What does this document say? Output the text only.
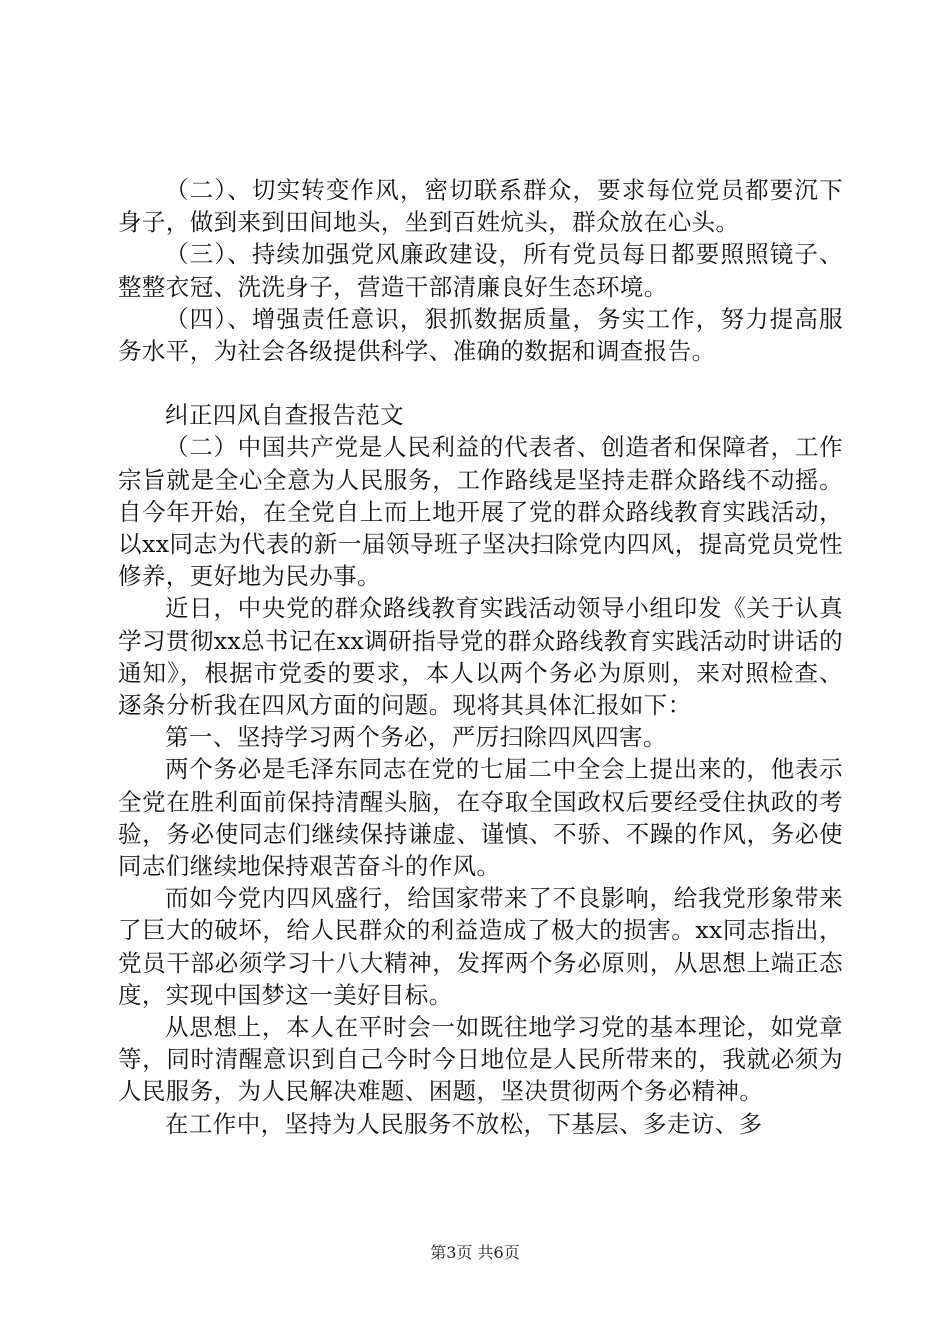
（二）、切实转变作风，密切联系群众，要求每位党员都要沉下身子，做到来到田间地头，坐到百姓炕头，群众放在心头。

（三）、持续加强党风廉政建设，所有党员每日都要照照镜子、整整衣冠、洗洗身子，营造干部清廉良好生态环境。

（四）、增强责任意识，狠抓数据质量，务实工作，努力提高服务水平，为社会各级提供科学、准确的数据和调查报告。

纠正四风自查报告范文

（二）中国共产党是人民利益的代表者、创造者和保障者，工作宗旨就是全心全意为人民服务，工作路线是坚持走群众路线不动摇。自今年开始，在全党自上而上地开展了党的群众路线教育实践活动，以xx同志为代表的新一届领导班子坚决扫除党内四风，提高党员党性修养，更好地为民办事。

近日，中央党的群众路线教育实践活动领导小组印发《关于认真学习贯彻xx总书记在xx调研指导党的群众路线教育实践活动时讲话的通知》，根据市党委的要求，本人以两个务必为原则，来对照检查、逐条分析我在四风方面的问题。现将其具体汇报如下：

第一、坚持学习两个务必，严厉扫除四风四害。

两个务必是毛泽东同志在党的七届二中全会上提出来的，他表示全党在胜利面前保持清醒头脑，在夺取全国政权后要经受住执政的考验，务必使同志们继续保持谦虚、谨慎、不骄、不躁的作风，务必使同志们继续地保持艰苦奋斗的作风。

而如今党内四风盛行，给国家带来了不良影响，给我党形象带来了巨大的破坏，给人民群众的利益造成了极大的损害。xx同志指出，党员干部必须学习十八大精神，发挥两个务必原则，从思想上端正态度，实现中国梦这一美好目标。

从思想上，本人在平时会一如既往地学习党的基本理论，如党章等，同时清醒意识到自己今时今日地位是人民所带来的，我就必须为人民服务，为人民解决难题、困题，坚决贯彻两个务必精神。

在工作中，坚持为人民服务不放松，下基层、多走访、多

第3页 共6页
